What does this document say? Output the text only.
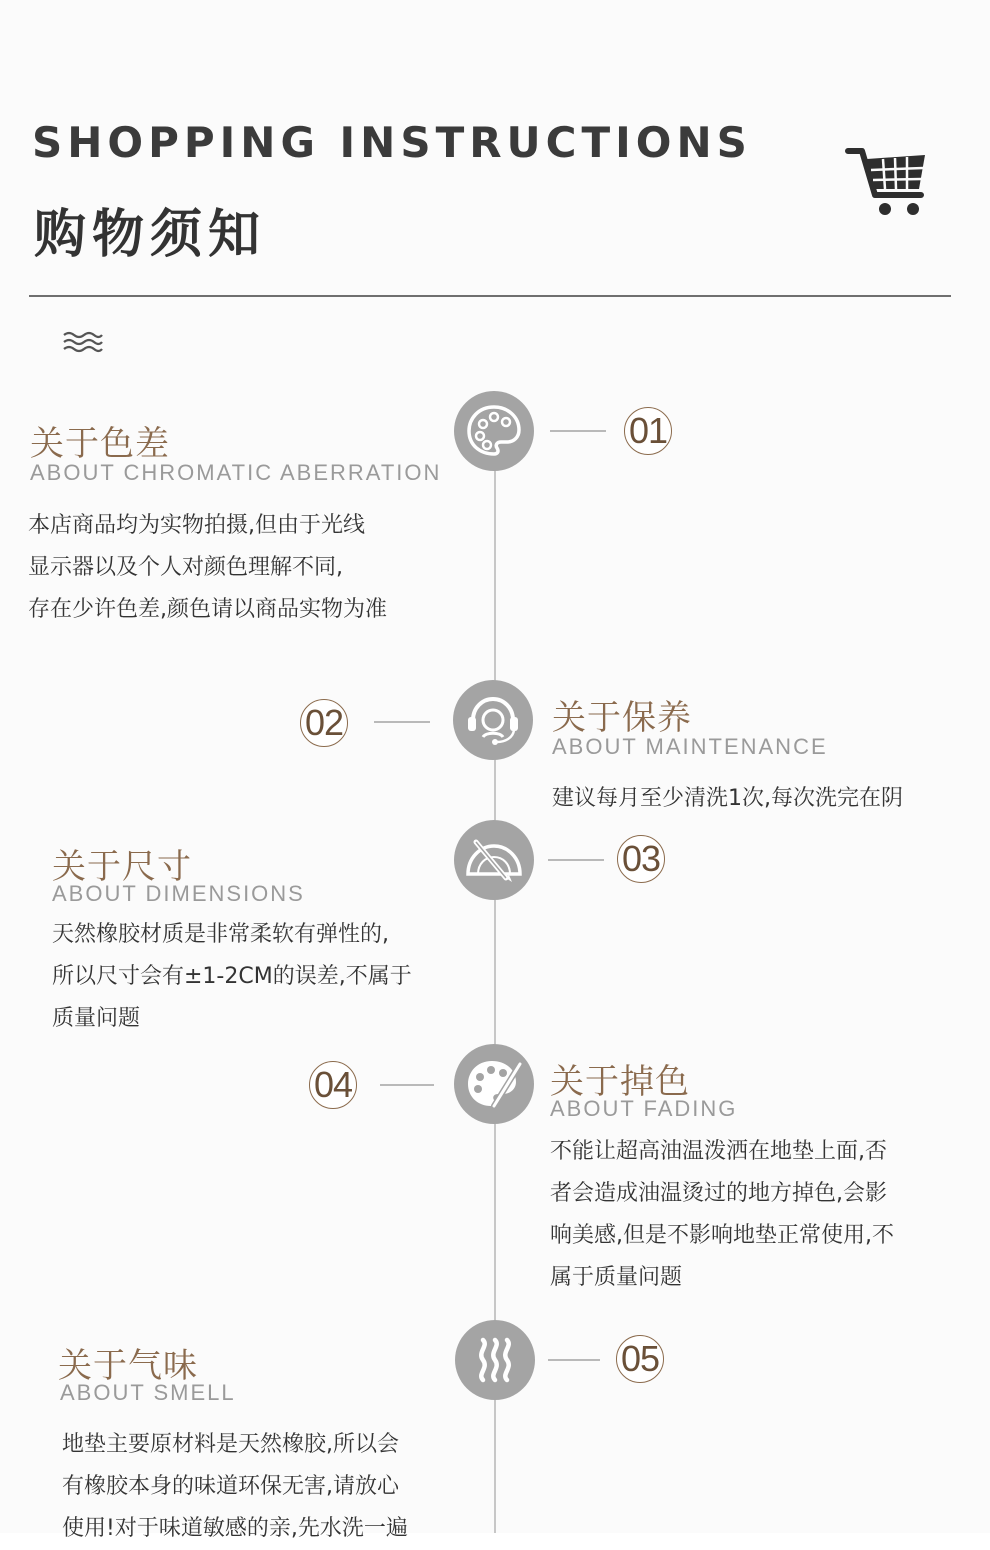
SHOPPING INSTRUCTIONS
购物须知
01
关于色差
ABOUT CHROMATIC ABERRATION
本店商品均为实物拍摄,但由于光线
显示器以及个人对颜色理解不同,
存在少许色差,颜色请以商品实物为准
02	关于保养
ABOUT MAINTENANCE
建议每月至少清洗1次,每次洗完在阴
03
关于尺寸
ABOUT DIMENSIONS
天然橡胶材质是非常柔软有弹性的,
所以尺寸会有±1-2CM的误差,不属于
质量问题
04	关于掉色
ABOUT FADING
不能让超高油温泼洒在地垫上面,否
者会造成油温烫过的地方掉色,会影
响美感,但是不影响地垫正常使用,不
属于质量问题
05
关于气味
ABOUT SMELL
地垫主要原材料是天然橡胶,所以会
有橡胶本身的味道环保无害,请放心
使用!对于味道敏感的亲,先水洗一遍
